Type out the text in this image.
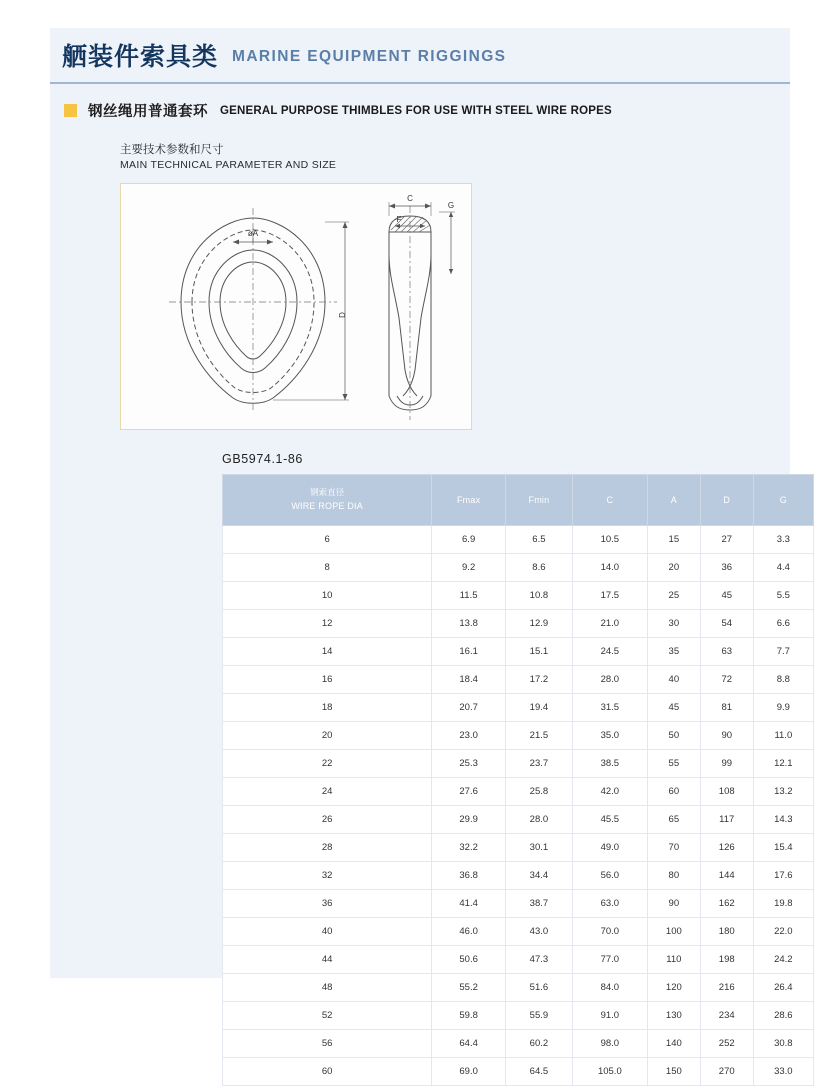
舾装件索具类 MARINE EQUIPMENT RIGGINGS
钢丝绳用普通套环 GENERAL PURPOSE THIMBLES FOR USE WITH STEEL WIRE ROPES
主要技术参数和尺寸
MAIN TECHNICAL PARAMETER AND SIZE
øA
D
C
F
G
GB5974.1-86
钢索直径
WIRE ROPE DIA	Fmax	Fmin	C	A	D	G

6	6.9	6.5	10.5	15	27	3.3
8	9.2	8.6	14.0	20	36	4.4
10	11.5	10.8	17.5	25	45	5.5
12	13.8	12.9	21.0	30	54	6.6
14	16.1	15.1	24.5	35	63	7.7
16	18.4	17.2	28.0	40	72	8.8
18	20.7	19.4	31.5	45	81	9.9
20	23.0	21.5	35.0	50	90	11.0
22	25.3	23.7	38.5	55	99	12.1
24	27.6	25.8	42.0	60	108	13.2
26	29.9	28.0	45.5	65	117	14.3
28	32.2	30.1	49.0	70	126	15.4
32	36.8	34.4	56.0	80	144	17.6
36	41.4	38.7	63.0	90	162	19.8
40	46.0	43.0	70.0	100	180	22.0
44	50.6	47.3	77.0	110	198	24.2
48	55.2	51.6	84.0	120	216	26.4
52	59.8	55.9	91.0	130	234	28.6
56	64.4	60.2	98.0	140	252	30.8
60	69.0	64.5	105.0	150	270	33.0
